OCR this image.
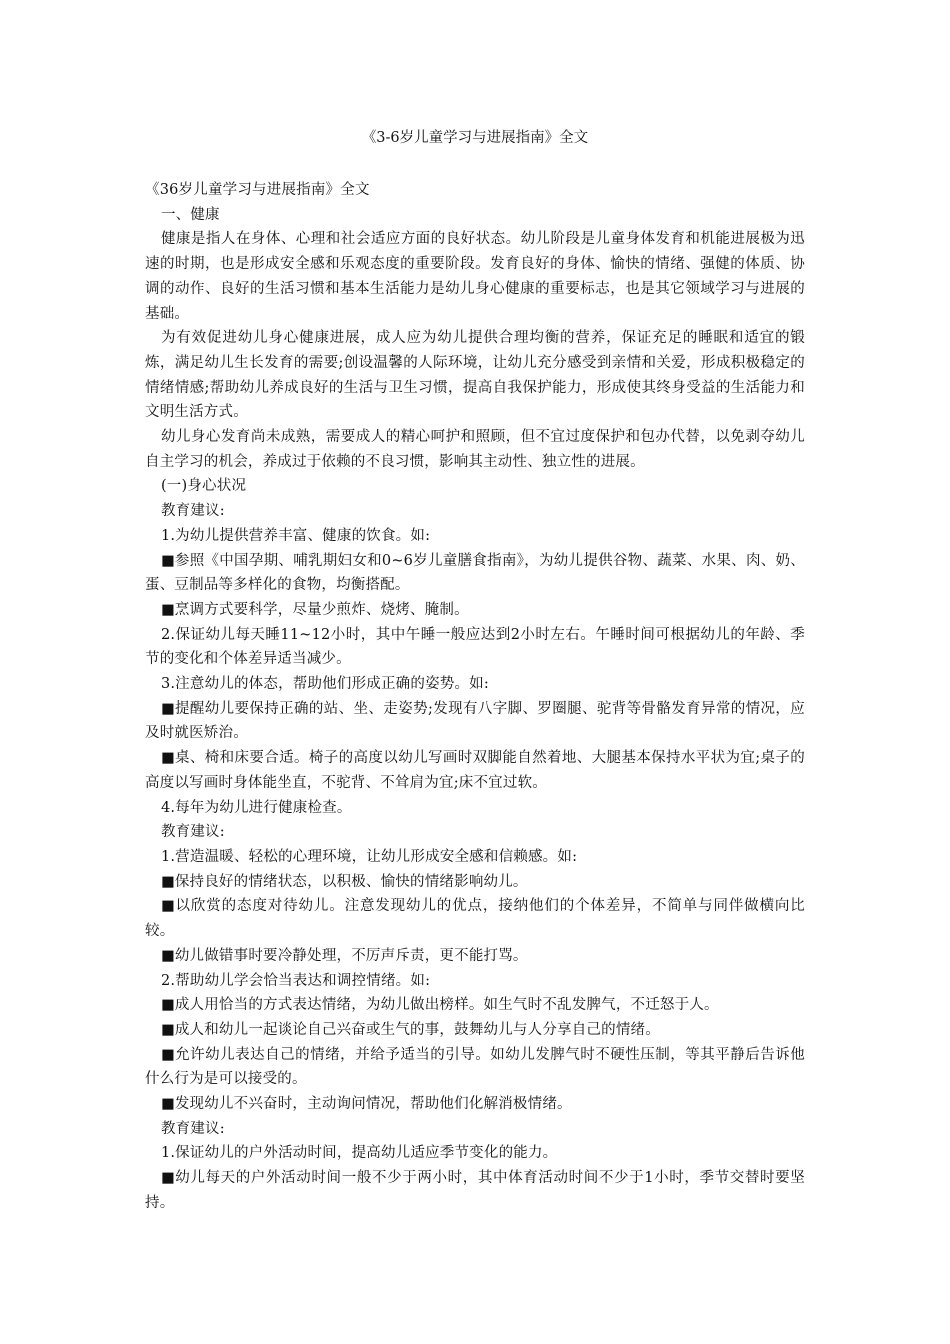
《3-6岁儿童学习与进展指南》全文

《36岁儿童学习与进展指南》全文

一、健康

健康是指人在身体、心理和社会适应方面的良好状态。幼儿阶段是儿童身体发育和机能进展极为迅速的时期，也是形成安全感和乐观态度的重要阶段。发育良好的身体、愉快的情绪、强健的体质、协调的动作、良好的生活习惯和基本生活能力是幼儿身心健康的重要标志，也是其它领域学习与进展的基础。

为有效促进幼儿身心健康进展，成人应为幼儿提供合理均衡的营养，保证充足的睡眠和适宜的锻炼，满足幼儿生长发育的需要;创设温馨的人际环境，让幼儿充分感受到亲情和关爱，形成积极稳定的情绪情感;帮助幼儿养成良好的生活与卫生习惯，提高自我保护能力，形成使其终身受益的生活能力和文明生活方式。

幼儿身心发育尚未成熟，需要成人的精心呵护和照顾，但不宜过度保护和包办代替，以免剥夺幼儿自主学习的机会，养成过于依赖的不良习惯，影响其主动性、独立性的进展。

(一)身心状况

教育建议:

1.为幼儿提供营养丰富、健康的饮食。如:

■参照《中国孕期、哺乳期妇女和0~6岁儿童膳食指南》，为幼儿提供谷物、蔬菜、水果、肉、奶、蛋、豆制品等多样化的食物，均衡搭配。

■烹调方式要科学，尽量少煎炸、烧烤、腌制。

2.保证幼儿每天睡11~12小时，其中午睡一般应达到2小时左右。午睡时间可根据幼儿的年龄、季节的变化和个体差异适当减少。

3.注意幼儿的体态，帮助他们形成正确的姿势。如:

■提醒幼儿要保持正确的站、坐、走姿势;发现有八字脚、罗圈腿、驼背等骨骼发育异常的情况，应及时就医矫治。

■桌、椅和床要合适。椅子的高度以幼儿写画时双脚能自然着地、大腿基本保持水平状为宜;桌子的高度以写画时身体能坐直，不驼背、不耸肩为宜;床不宜过软。

4.每年为幼儿进行健康检查。

教育建议:

1.营造温暖、轻松的心理环境，让幼儿形成安全感和信赖感。如:

■保持良好的情绪状态，以积极、愉快的情绪影响幼儿。

■以欣赏的态度对待幼儿。注意发现幼儿的优点，接纳他们的个体差异，不简单与同伴做横向比较。

■幼儿做错事时要冷静处理，不厉声斥责，更不能打骂。

2.帮助幼儿学会恰当表达和调控情绪。如:

■成人用恰当的方式表达情绪，为幼儿做出榜样。如生气时不乱发脾气，不迁怒于人。

■成人和幼儿一起谈论自己兴奋或生气的事，鼓舞幼儿与人分享自己的情绪。

■允许幼儿表达自己的情绪，并给予适当的引导。如幼儿发脾气时不硬性压制，等其平静后告诉他什么行为是可以接受的。

■发现幼儿不兴奋时，主动询问情况，帮助他们化解消极情绪。

教育建议:

1.保证幼儿的户外活动时间，提高幼儿适应季节变化的能力。

■幼儿每天的户外活动时间一般不少于两小时，其中体育活动时间不少于1小时，季节交替时要坚持。
